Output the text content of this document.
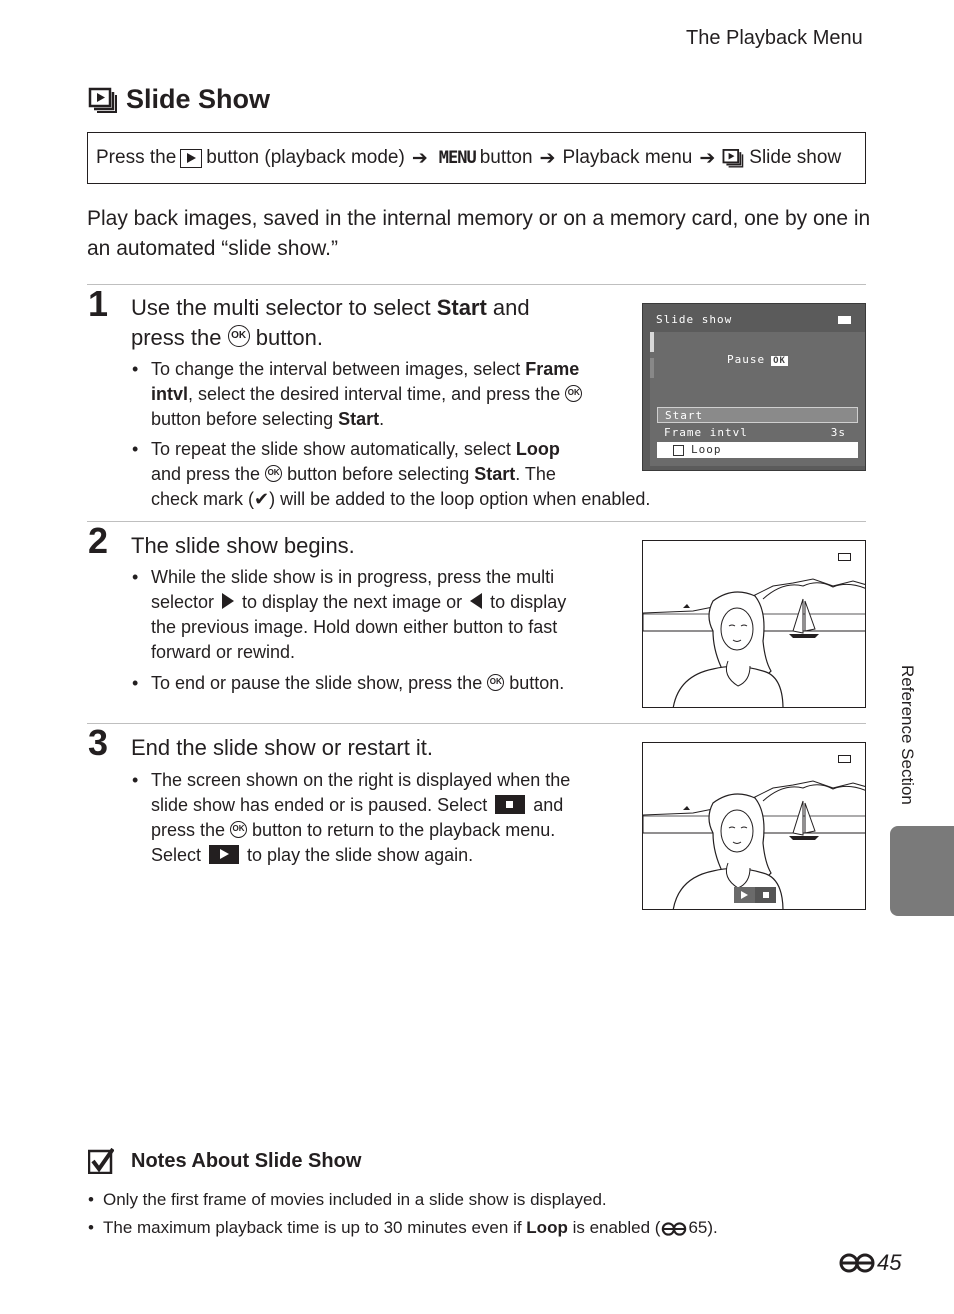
The Playback Menu
Slide Show
Press the button (playback mode) ➔ MENU button ➔ Playback menu ➔ Slide show
Play back images, saved in the internal memory or on a memory card, one by one in an automated “slide show.”
1 Use the multi selector to select Start and
press the OK button.
• To change the interval between images, select Frame
intvl, select the desired interval time, and press the OK
button before selecting Start.
• To repeat the slide show automatically, select Loop
and press the OK button before selecting Start. The
check mark (✔) will be added to the loop option when enabled.
Slide show
Pause OK
Start
Frame intvl	3s
Loop
2 The slide show begins.
• While the slide show is in progress, press the multi
selector  to display the next image or  to display
the previous image. Hold down either button to fast
forward or rewind.
• To end or pause the slide show, press the OK button.
3 End the slide show or restart it.
• The screen shown on the right is displayed when the
slide show has ended or is paused. Select  and
press the OK button to return to the playback menu.
Select  to play the slide show again.
Reference Section
Notes About Slide Show
• Only the first frame of movies included in a slide show is displayed.
• The maximum playback time is up to 30 minutes even if Loop is enabled ( 65).
45
